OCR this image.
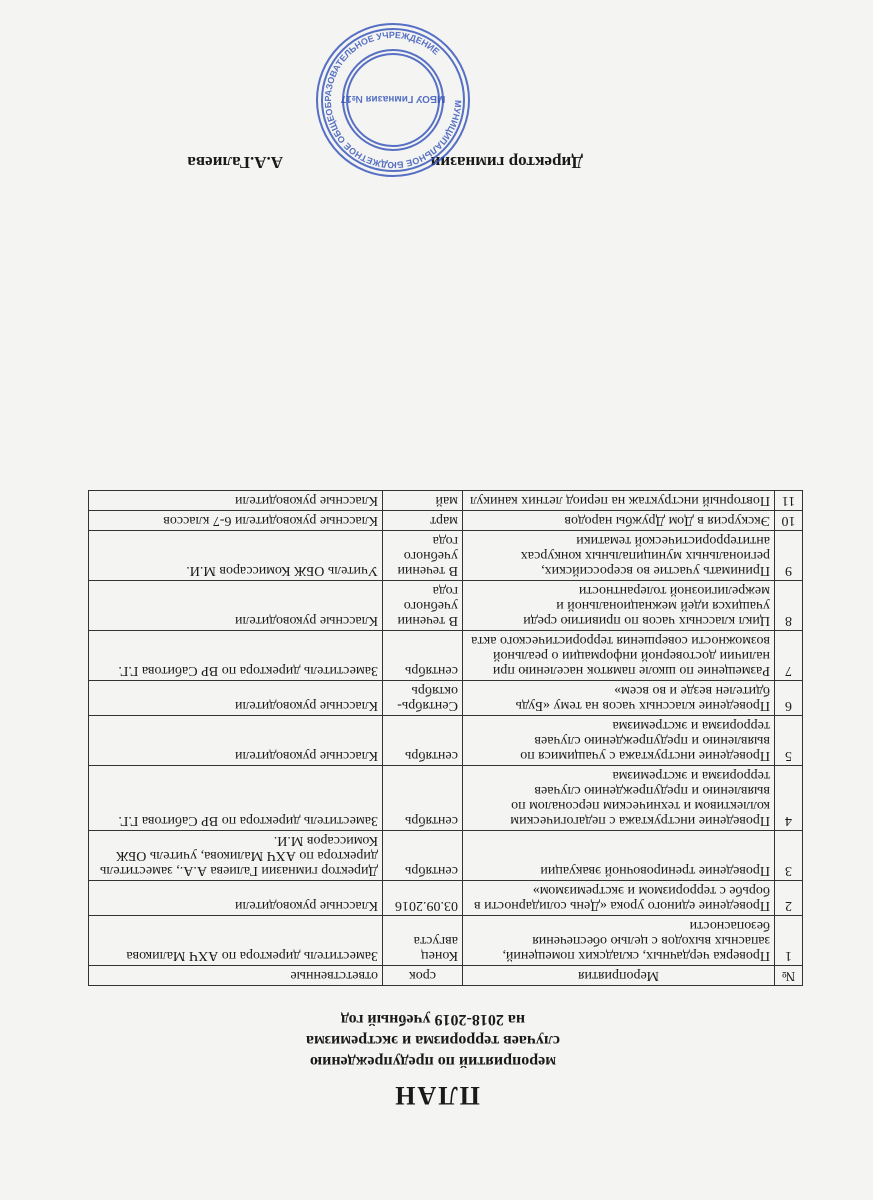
ПЛАН
мероприятий по предупреждению
случаев терроризма и экстремизма
на 2018-2019 учебный год
№	Мероприятия	срок	ответственные
1	Проверка чердачных, складских помещений, запасных выходов с целью обеспечения безопасности	Конец августа	Заместитель директора по АХЧ Маликова
2	Проведение единого урока «День солидарности в борьбе с терроризмом и экстремизмом»	03.09.2016	Классные руководители
3	Проведение тренировочной эвакуации	сентябрь	Директор гимназии Галиева А.А., заместитель директора по АХЧ Маликова, учитель ОБЖ Комиссаров М.И.
4	Проведение инструктажа с педагогическим коллективом и техническим персоналом по выявлению и предупреждению случаев терроризма и экстремизма	сентябрь	Заместитель директора по ВР Сабитова Г.Г.
5	Проведение инструктажа с учащимися по выявлению и предупреждению случаев терроризма и экстремизма	сентябрь	Классные руководители
6	Проведение классных часов на тему «Будь бдителен везде и во всем»	Сентябрь-октябрь	Классные руководители
7	Размещение по школе памяток населению при наличии достоверной информации о реальной возможности совершения террористического акта	сентябрь	Заместитель директора по ВР Сабитова Г.Г.
8	Цикл классных часов по привитию среди учащихся идей межнациональной и межрелигиозной толерантности	В течении учебного года	Классные руководители
9	Принимать участие во всероссийских, региональных муниципальных конкурсах антитеррористической тематики	В течении учебного года	Учитель ОБЖ Комиссаров М.И.
10	Экскурсия в Дом Дружбы народов	март	Классные руководители 6-7 классов
11	Повторный инструктаж на период летних каникул	май	Классные руководители
Директор гимназии
А.А.Галиева
МУНИЦИПАЛЬНОЕ БЮДЖЕТНОЕ ОБЩЕОБРАЗОВАТЕЛЬНОЕ УЧРЕЖДЕНИЕ
МБОУ Гимназия №17
